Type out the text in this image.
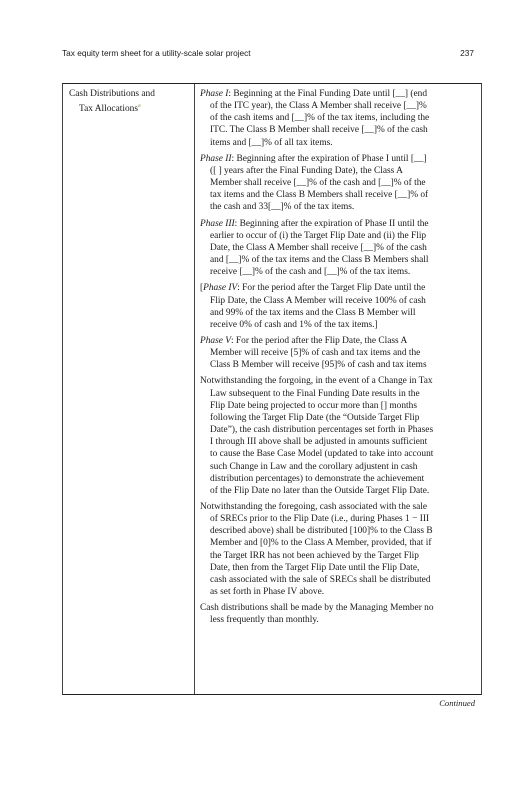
Tax equity term sheet for a utility-scale solar project	237
Cash Distributions and
Tax Allocations$^a$
Phase I: Beginning at the Final Funding Date until [__] (end
of the ITC year), the Class A Member shall receive [__]%
of the cash items and [__]% of the tax items, including the
ITC. The Class B Member shall receive [__]% of the cash
items and [__]% of all tax items.
Phase II: Beginning after the expiration of Phase I until [__]
([ ] years after the Final Funding Date), the Class A
Member shall receive [__]% of the cash and [__]% of the
tax items and the Class B Members shall receive [__]% of
the cash and 33[__]% of the tax items.
Phase III: Beginning after the expiration of Phase II until the
earlier to occur of (i) the Target Flip Date and (ii) the Flip
Date, the Class A Member shall receive [__]% of the cash
and [__]% of the tax items and the Class B Members shall
receive [__]% of the cash and [__]% of the tax items.
[Phase IV: For the period after the Target Flip Date until the
Flip Date, the Class A Member will receive 100% of cash
and 99% of the tax items and the Class B Member will
receive 0% of cash and 1% of the tax items.]
Phase V: For the period after the Flip Date, the Class A
Member will receive [5]% of cash and tax items and the
Class B Member will receive [95]% of cash and tax items
Notwithstanding the forgoing, in the event of a Change in Tax
Law subsequent to the Final Funding Date results in the
Flip Date being projected to occur more than [] months
following the Target Flip Date (the “Outside Target Flip
Date”), the cash distribution percentages set forth in Phases
I through III above shall be adjusted in amounts sufficient
to cause the Base Case Model (updated to take into account
such Change in Law and the corollary adjustent in cash
distribution percentages) to demonstrate the achievement
of the Flip Date no later than the Outside Target Flip Date.
Notwithstanding the foregoing, cash associated with the sale
of SRECs prior to the Flip Date (i.e., during Phases 1 − III
described above) shall be distributed [100]% to the Class B
Member and [0]% to the Class A Member, provided, that if
the Target IRR has not been achieved by the Target Flip
Date, then from the Target Flip Date until the Flip Date,
cash associated with the sale of SRECs shall be distributed
as set forth in Phase IV above.
Cash distributions shall be made by the Managing Member no
less frequently than monthly.
Continued
